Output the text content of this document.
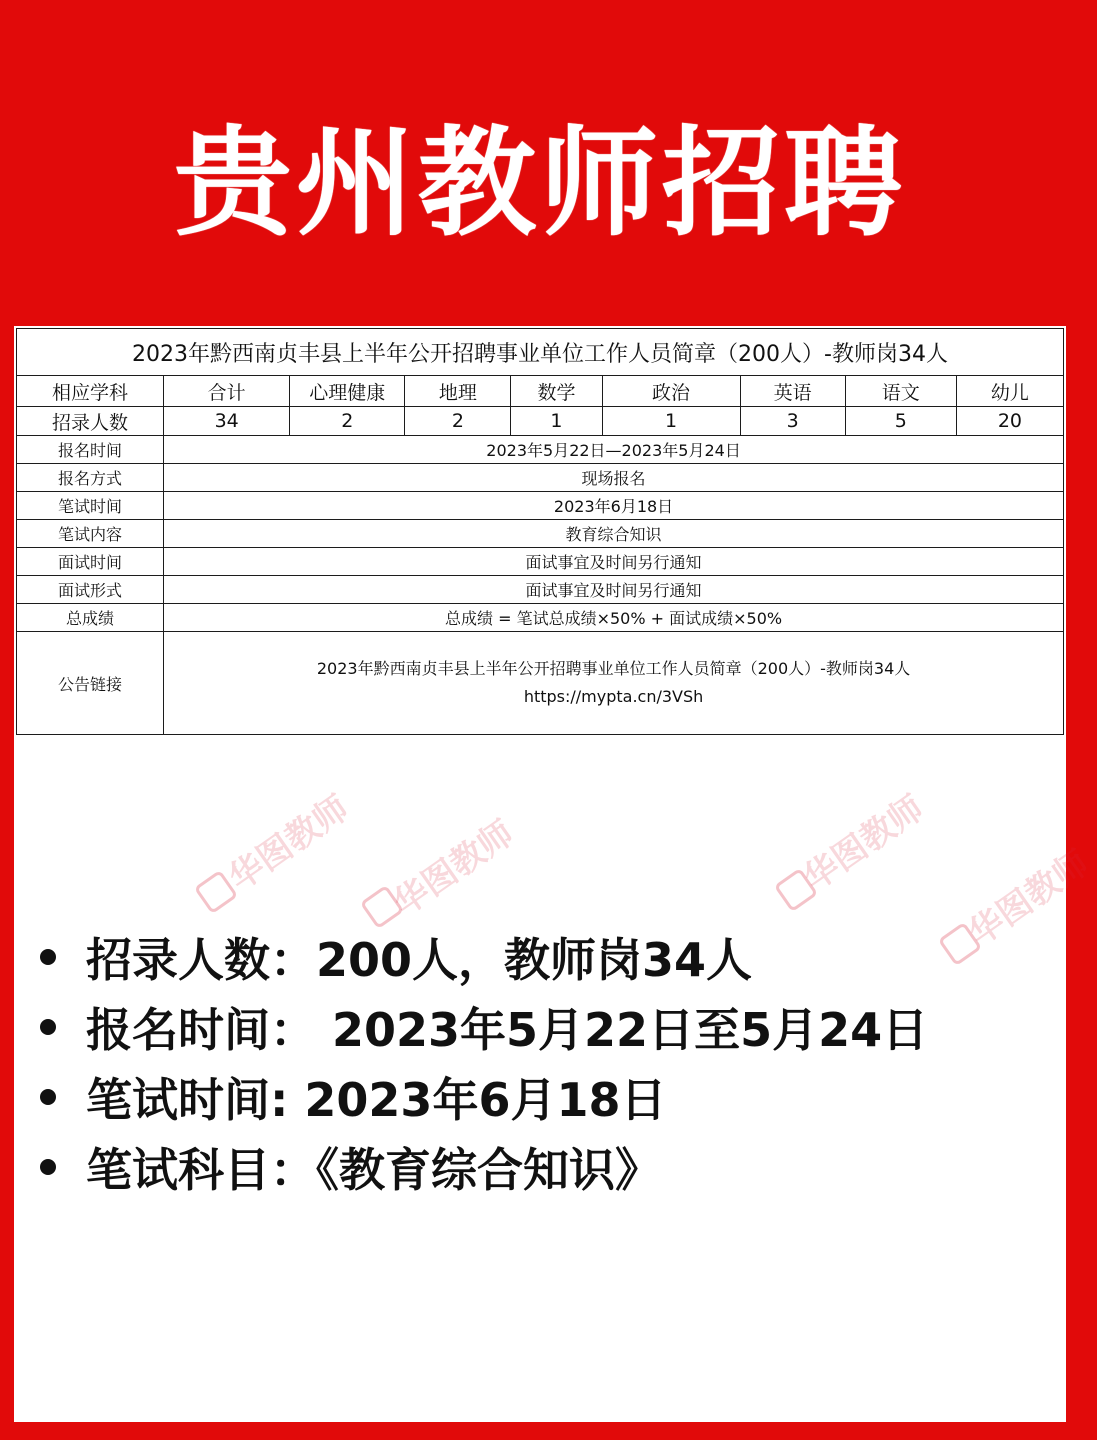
贵州教师招聘
2023年黔西南贞丰县上半年公开招聘事业单位工作人员简章（200人）-教师岗34人								
相应学科	合计	心理健康	地理	数学	政治	英语	语文	幼儿
招录人数	34	2	2	1	1	3	5	20
报名时间	2023年5月22日—2023年5月24日							
报名方式	现场报名							
笔试时间	2023年6月18日							
笔试内容	教育综合知识							
面试时间	面试事宜及时间另行通知							
面试形式	面试事宜及时间另行通知							
总成绩	总成绩 = 笔试总成绩×50% + 面试成绩×50%							
公告链接	2023年黔西南贞丰县上半年公开招聘事业单位工作人员简章（200人）-教师岗34人
https://mypta.cn/3VSh							
华图教师 华图教师	华图教师 华图教师
招录人数：200人，教师岗34人
报名时间： 2023年5月22日至5月24日
笔试时间: 2023年6月18日
笔试科目：《教育综合知识》
